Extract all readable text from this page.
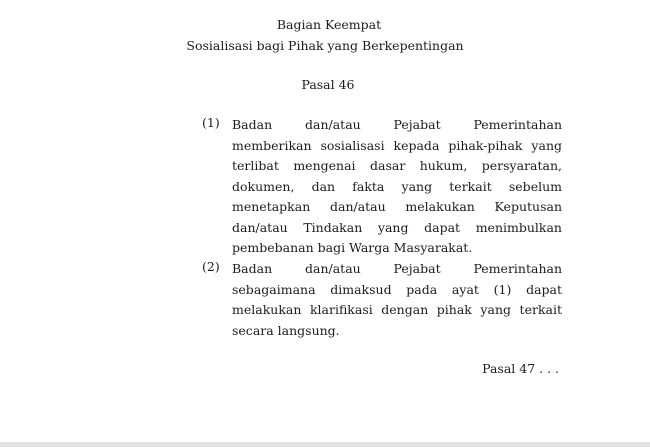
Bagian Keempat
Sosialisasi bagi Pihak yang Berkepentingan
Pasal 46
(1) Badan dan/atau Pejabat Pemerintahan
memberikan sosialisasi kepada pihak-pihak yang
terlibat mengenai dasar hukum, persyaratan,
dokumen, dan fakta yang terkait sebelum
menetapkan dan/atau melakukan Keputusan
dan/atau Tindakan yang dapat menimbulkan
pembebanan bagi Warga Masyarakat.
(2) Badan dan/atau Pejabat Pemerintahan
sebagaimana dimaksud pada ayat (1) dapat
melakukan klarifikasi dengan pihak yang terkait
secara langsung.
Pasal 47 . . .
